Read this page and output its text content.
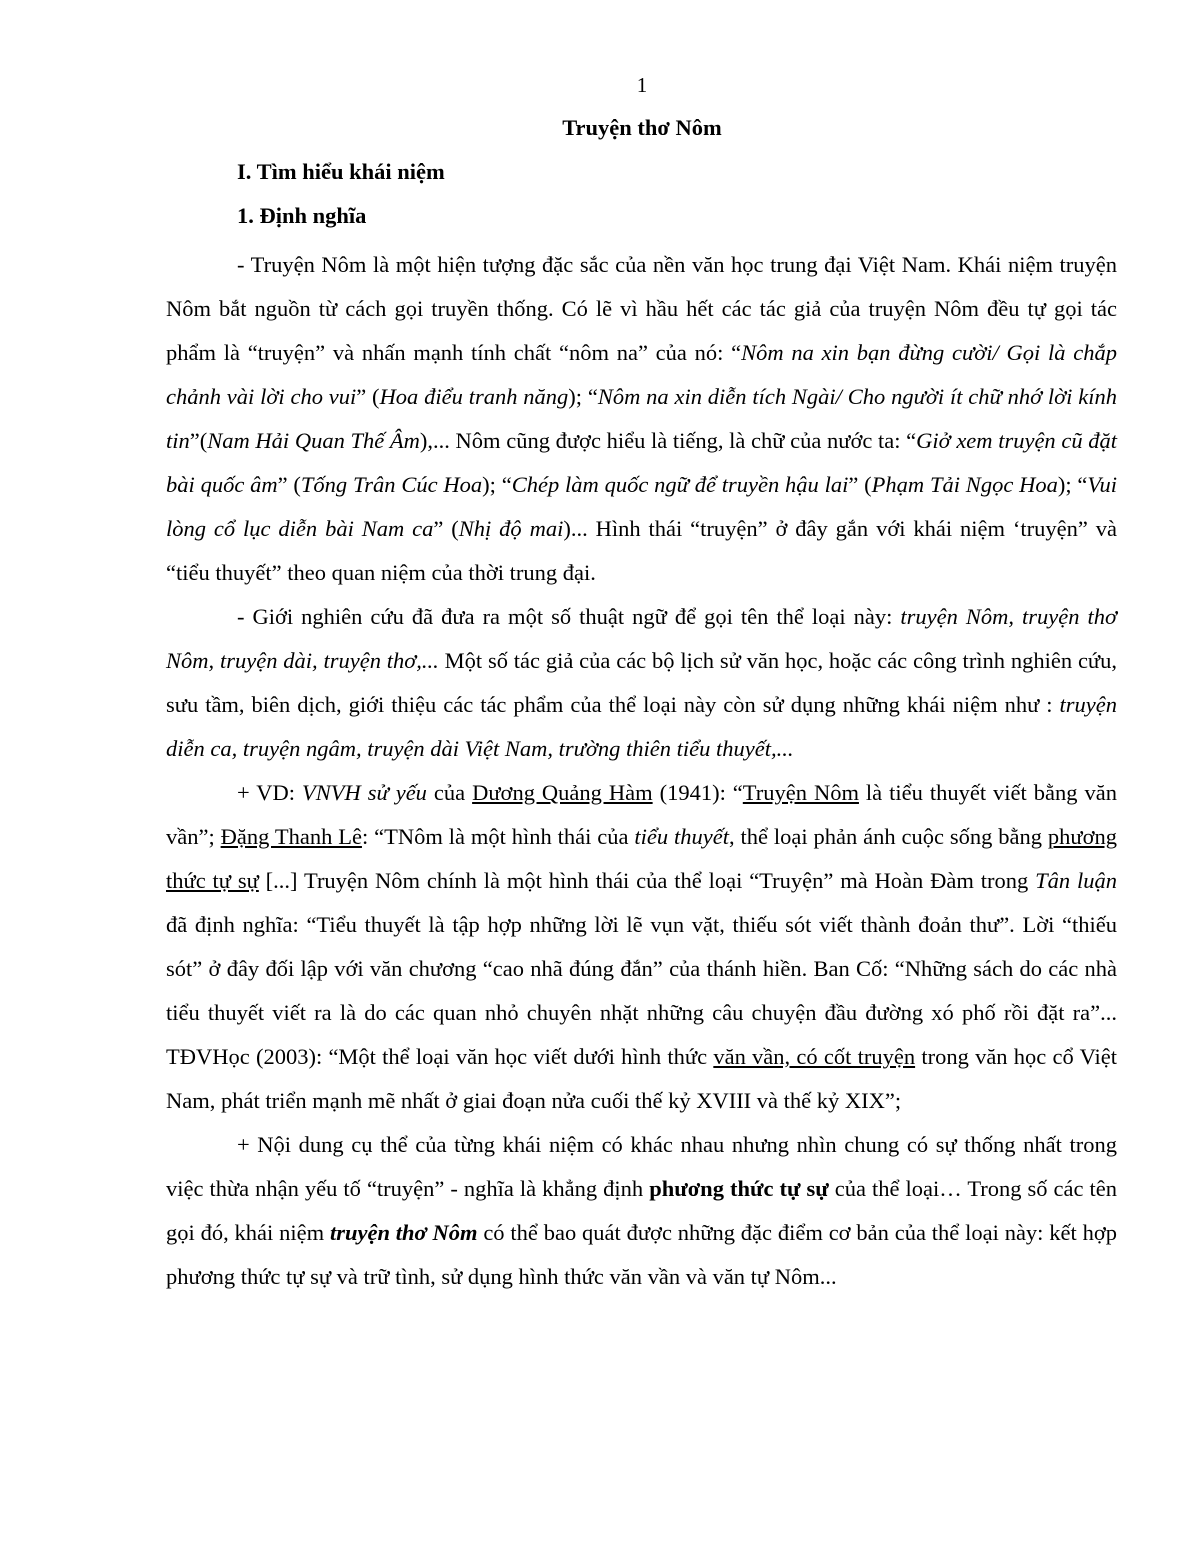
1
Truyện thơ Nôm
I. Tìm hiểu khái niệm
1. Định nghĩa

- Truyện Nôm là một hiện tượng đặc sắc của nền văn học trung đại Việt Nam. Khái niệm truyện Nôm bắt nguồn từ cách gọi truyền thống. Có lẽ vì hầu hết các tác giả của truyện Nôm đều tự gọi tác phẩm là “truyện” và nhấn mạnh tính chất “nôm na” của nó: “Nôm na xin bạn đừng cười/ Gọi là chắp chảnh vài lời cho vui” (Hoa điểu tranh năng); “Nôm na xin diễn tích Ngài/ Cho người ít chữ nhớ lời kính tin”(Nam Hải Quan Thế Âm),... Nôm cũng được hiểu là tiếng, là chữ của nước ta: “Giở xem truyện cũ đặt bài quốc âm” (Tống Trân Cúc Hoa); “Chép làm quốc ngữ để truyền hậu lai” (Phạm Tải Ngọc Hoa); “Vui lòng cổ lục diễn bài Nam ca” (Nhị độ mai)... Hình thái “truyện” ở đây gắn với khái niệm ‘truyện” và “tiểu thuyết” theo quan niệm của thời trung đại.

- Giới nghiên cứu đã đưa ra một số thuật ngữ để gọi tên thể loại này: truyện Nôm, truyện thơ Nôm, truyện dài, truyện thơ,... Một số tác giả của các bộ lịch sử văn học, hoặc các công trình nghiên cứu, sưu tầm, biên dịch, giới thiệu các tác phẩm của thể loại này còn sử dụng những khái niệm như : truyện diễn ca, truyện ngâm, truyện dài Việt Nam, trường thiên tiểu thuyết,...

+ VD: VNVH sử yếu của Dương Quảng Hàm (1941): “Truyện Nôm là tiểu thuyết viết bằng văn vần”; Đặng Thanh Lê: “TNôm là một hình thái của tiểu thuyết, thể loại phản ánh cuộc sống bằng phương thức tự sự [...] Truyện Nôm chính là một hình thái của thể loại “Truyện” mà Hoàn Đàm trong Tân luận đã định nghĩa: “Tiểu thuyết là tập hợp những lời lẽ vụn vặt, thiếu sót viết thành đoản thư”. Lời “thiếu sót” ở đây đối lập với văn chương “cao nhã đúng đắn” của thánh hiền. Ban Cố: “Những sách do các nhà tiểu thuyết viết ra là do các quan nhỏ chuyên nhặt những câu chuyện đầu đường xó phố rồi đặt ra”... TĐVHọc (2003): “Một thể loại văn học viết dưới hình thức văn vần, có cốt truyện trong văn học cổ Việt Nam, phát triển mạnh mẽ nhất ở giai đoạn nửa cuối thế kỷ XVIII và thế kỷ XIX”;

+ Nội dung cụ thể của từng khái niệm có khác nhau nhưng nhìn chung có sự thống nhất trong việc thừa nhận yếu tố “truyện” - nghĩa là khẳng định phương thức tự sự của thể loại… Trong số các tên gọi đó, khái niệm truyện thơ Nôm có thể bao quát được những đặc điểm cơ bản của thể loại này: kết hợp phương thức tự sự và trữ tình, sử dụng hình thức văn vần và văn tự Nôm...
